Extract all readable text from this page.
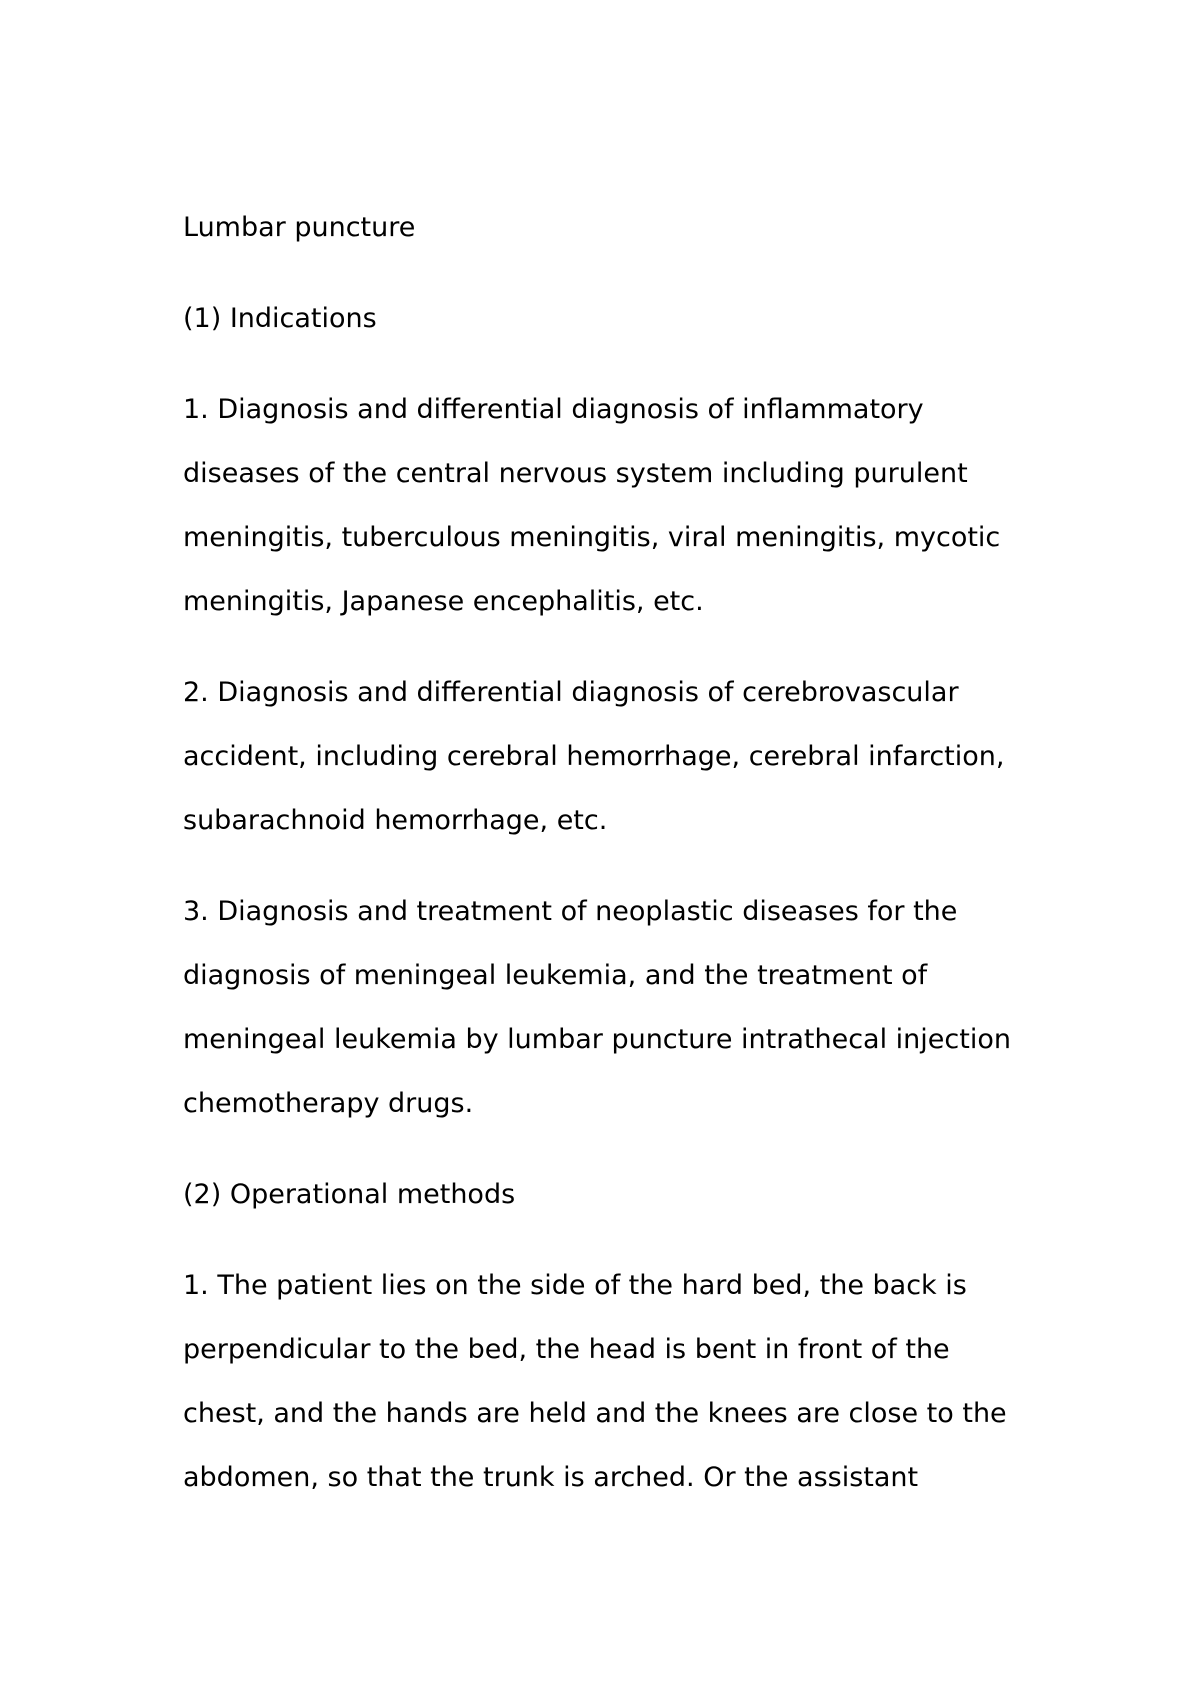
Lumbar puncture
(1) Indications
1. Diagnosis and differential diagnosis of inflammatory
diseases of the central nervous system including purulent
meningitis, tuberculous meningitis, viral meningitis, mycotic
meningitis, Japanese encephalitis, etc.
2. Diagnosis and differential diagnosis of cerebrovascular
accident, including cerebral hemorrhage, cerebral infarction,
subarachnoid hemorrhage, etc.
3. Diagnosis and treatment of neoplastic diseases for the
diagnosis of meningeal leukemia, and the treatment of
meningeal leukemia by lumbar puncture intrathecal injection
chemotherapy drugs.
(2) Operational methods
1. The patient lies on the side of the hard bed, the back is
perpendicular to the bed, the head is bent in front of the
chest, and the hands are held and the knees are close to the
abdomen, so that the trunk is arched. Or the assistant
